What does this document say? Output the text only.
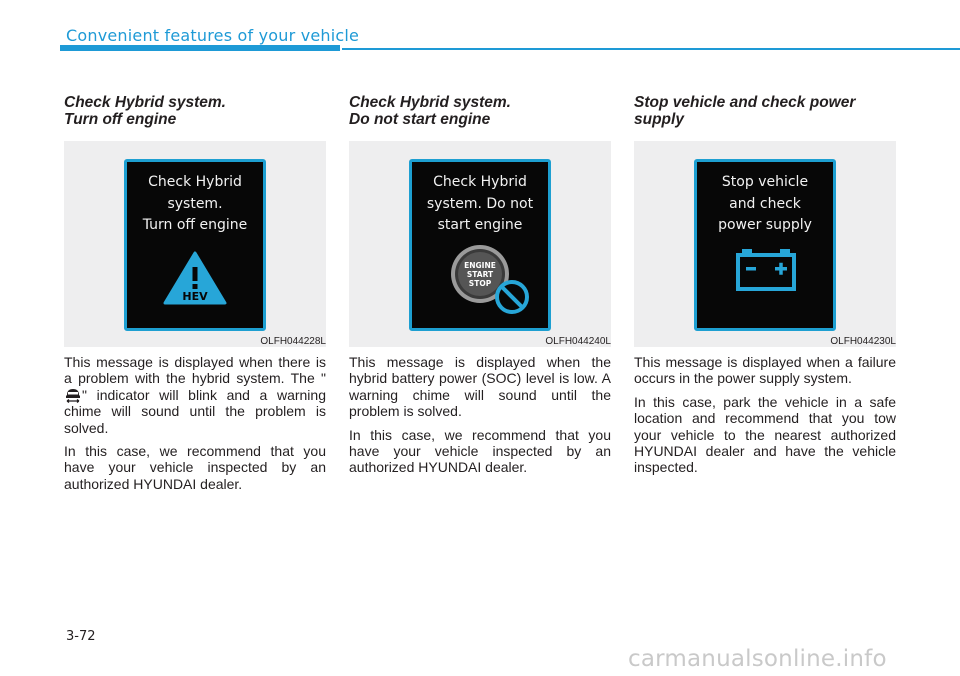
Convenient features of your vehicle
Check Hybrid system.
Turn off engine
Check Hybrid
system.
Turn off engine
HEV
OLFH044228L

This message is displayed when there is a problem with the hybrid system. The "" indicator will blink and a warning chime will sound until the problem is solved.

In this case, we recommend that you have your vehicle inspected by an authorized HYUNDAI dealer.

Check Hybrid system.
Do not start engine
Check Hybrid
system. Do not
start engine
ENGINE
START
STOP
OLFH044240L

This message is displayed when the hybrid battery power (SOC) level is low. A warning chime will sound until the problem is solved.

In this case, we recommend that you have your vehicle inspected by an authorized HYUNDAI dealer.

Stop vehicle and check power
supply
Stop vehicle
and check
power supply
OLFH044230L

This message is displayed when a failure occurs in the power supply system.

In this case, park the vehicle in a safe location and recommend that you tow your vehicle to the nearest authorized HYUNDAI dealer and have the vehicle inspected.

3-72
carmanualsonline.info
